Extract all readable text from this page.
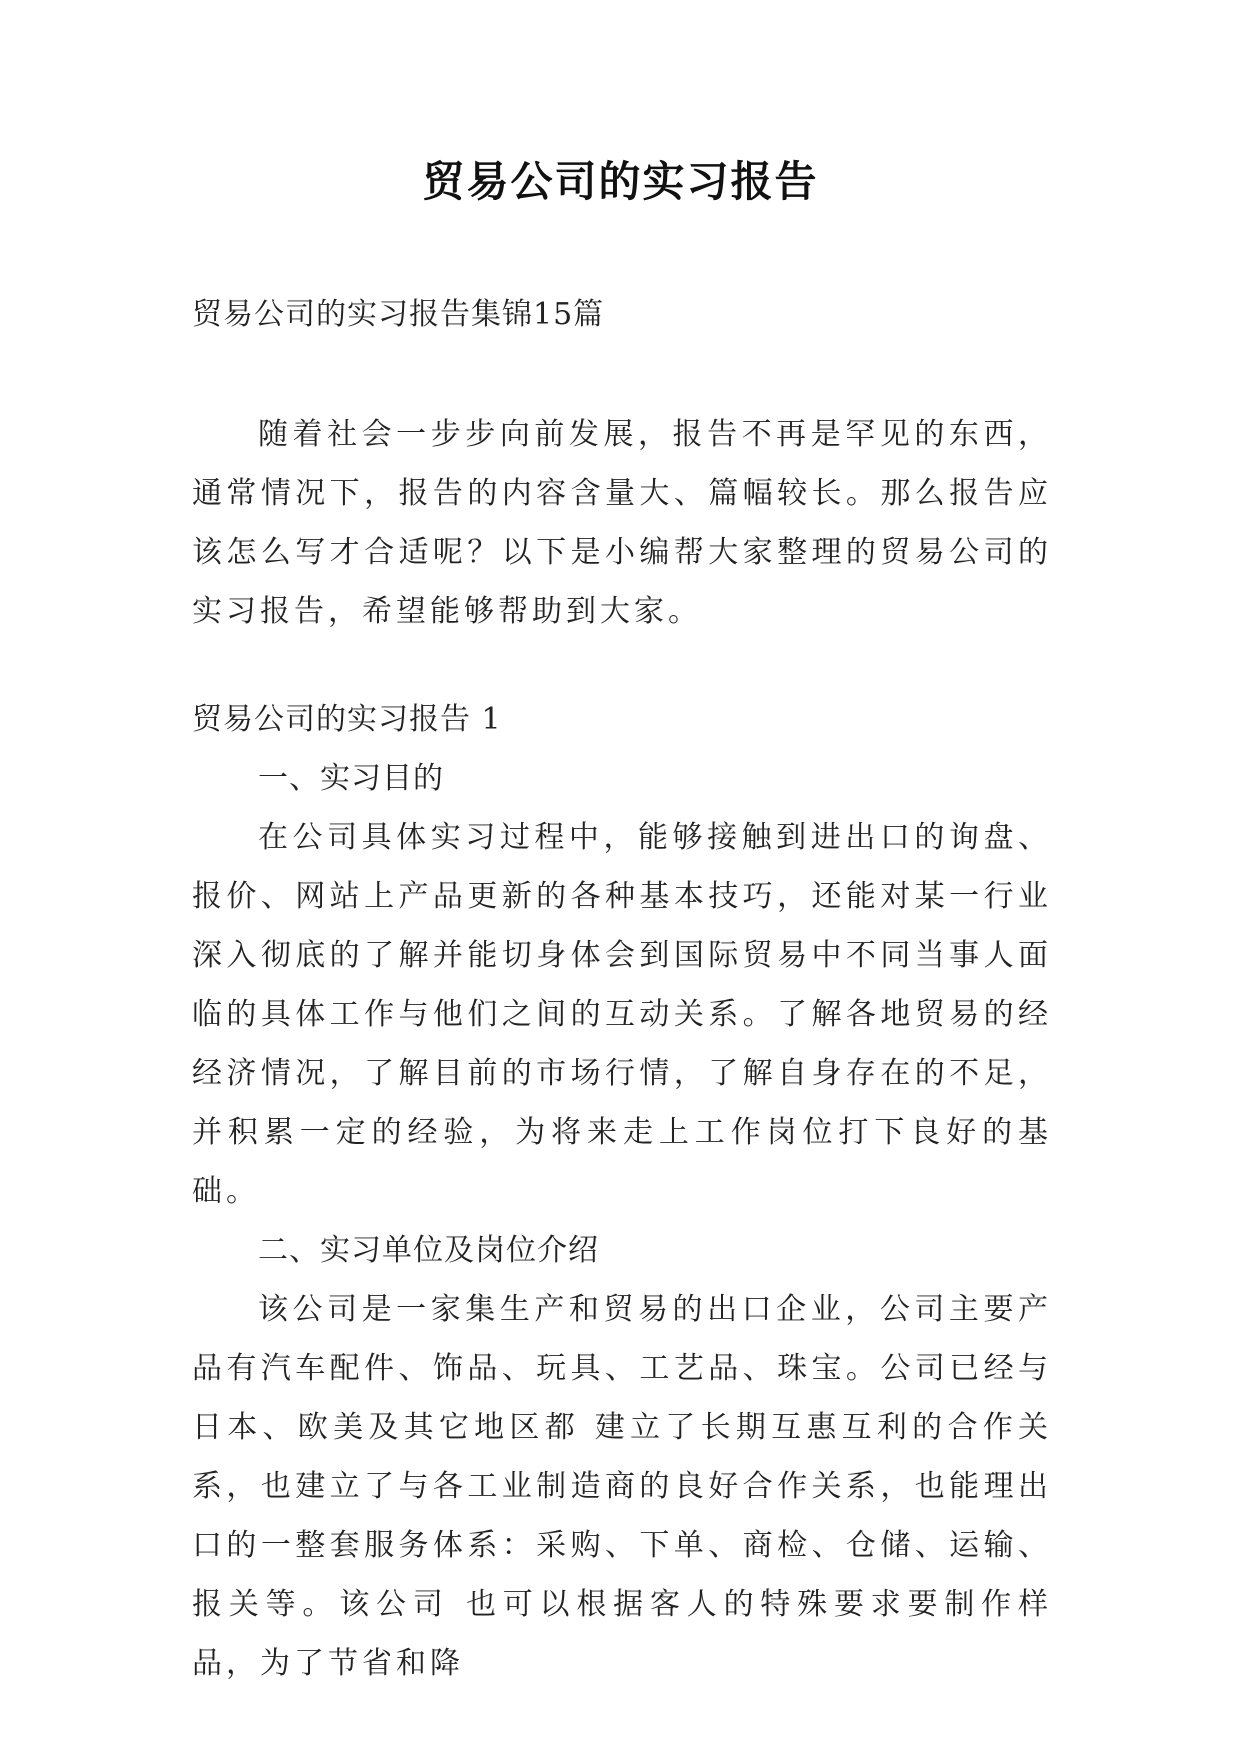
贸易公司的实习报告
贸易公司的实习报告集锦15篇

随着社会一步步向前发展，报告不再是罕见的东西，通常情况下，报告的内容含量大、篇幅较长。那么报告应该怎么写才合适呢？以下是小编帮大家整理的贸易公司的实习报告，希望能够帮助到大家。

贸易公司的实习报告 1

一、实习目的

在公司具体实习过程中，能够接触到进出口的询盘、报价、网站上产品更新的各种基本技巧，还能对某一行业深入彻底的了解并能切身体会到国际贸易中不同当事人面临的具体工作与他们之间的互动关系。了解各地贸易的经经济情况，了解目前的市场行情，了解自身存在的不足，并积累一定的经验，为将来走上工作岗位打下良好的基础。

二、实习单位及岗位介绍

该公司是一家集生产和贸易的出口企业，公司主要产品有汽车配件、饰品、玩具、工艺品、珠宝。公司已经与日本、欧美及其它地区都 建立了长期互惠互利的合作关系，也建立了与各工业制造商的良好合作关系，也能理出口的一整套服务体系：采购、下单、商检、仓储、运输、报关等。该公司 也可以根据客人的特殊要求要制作样品，为了节省和降
